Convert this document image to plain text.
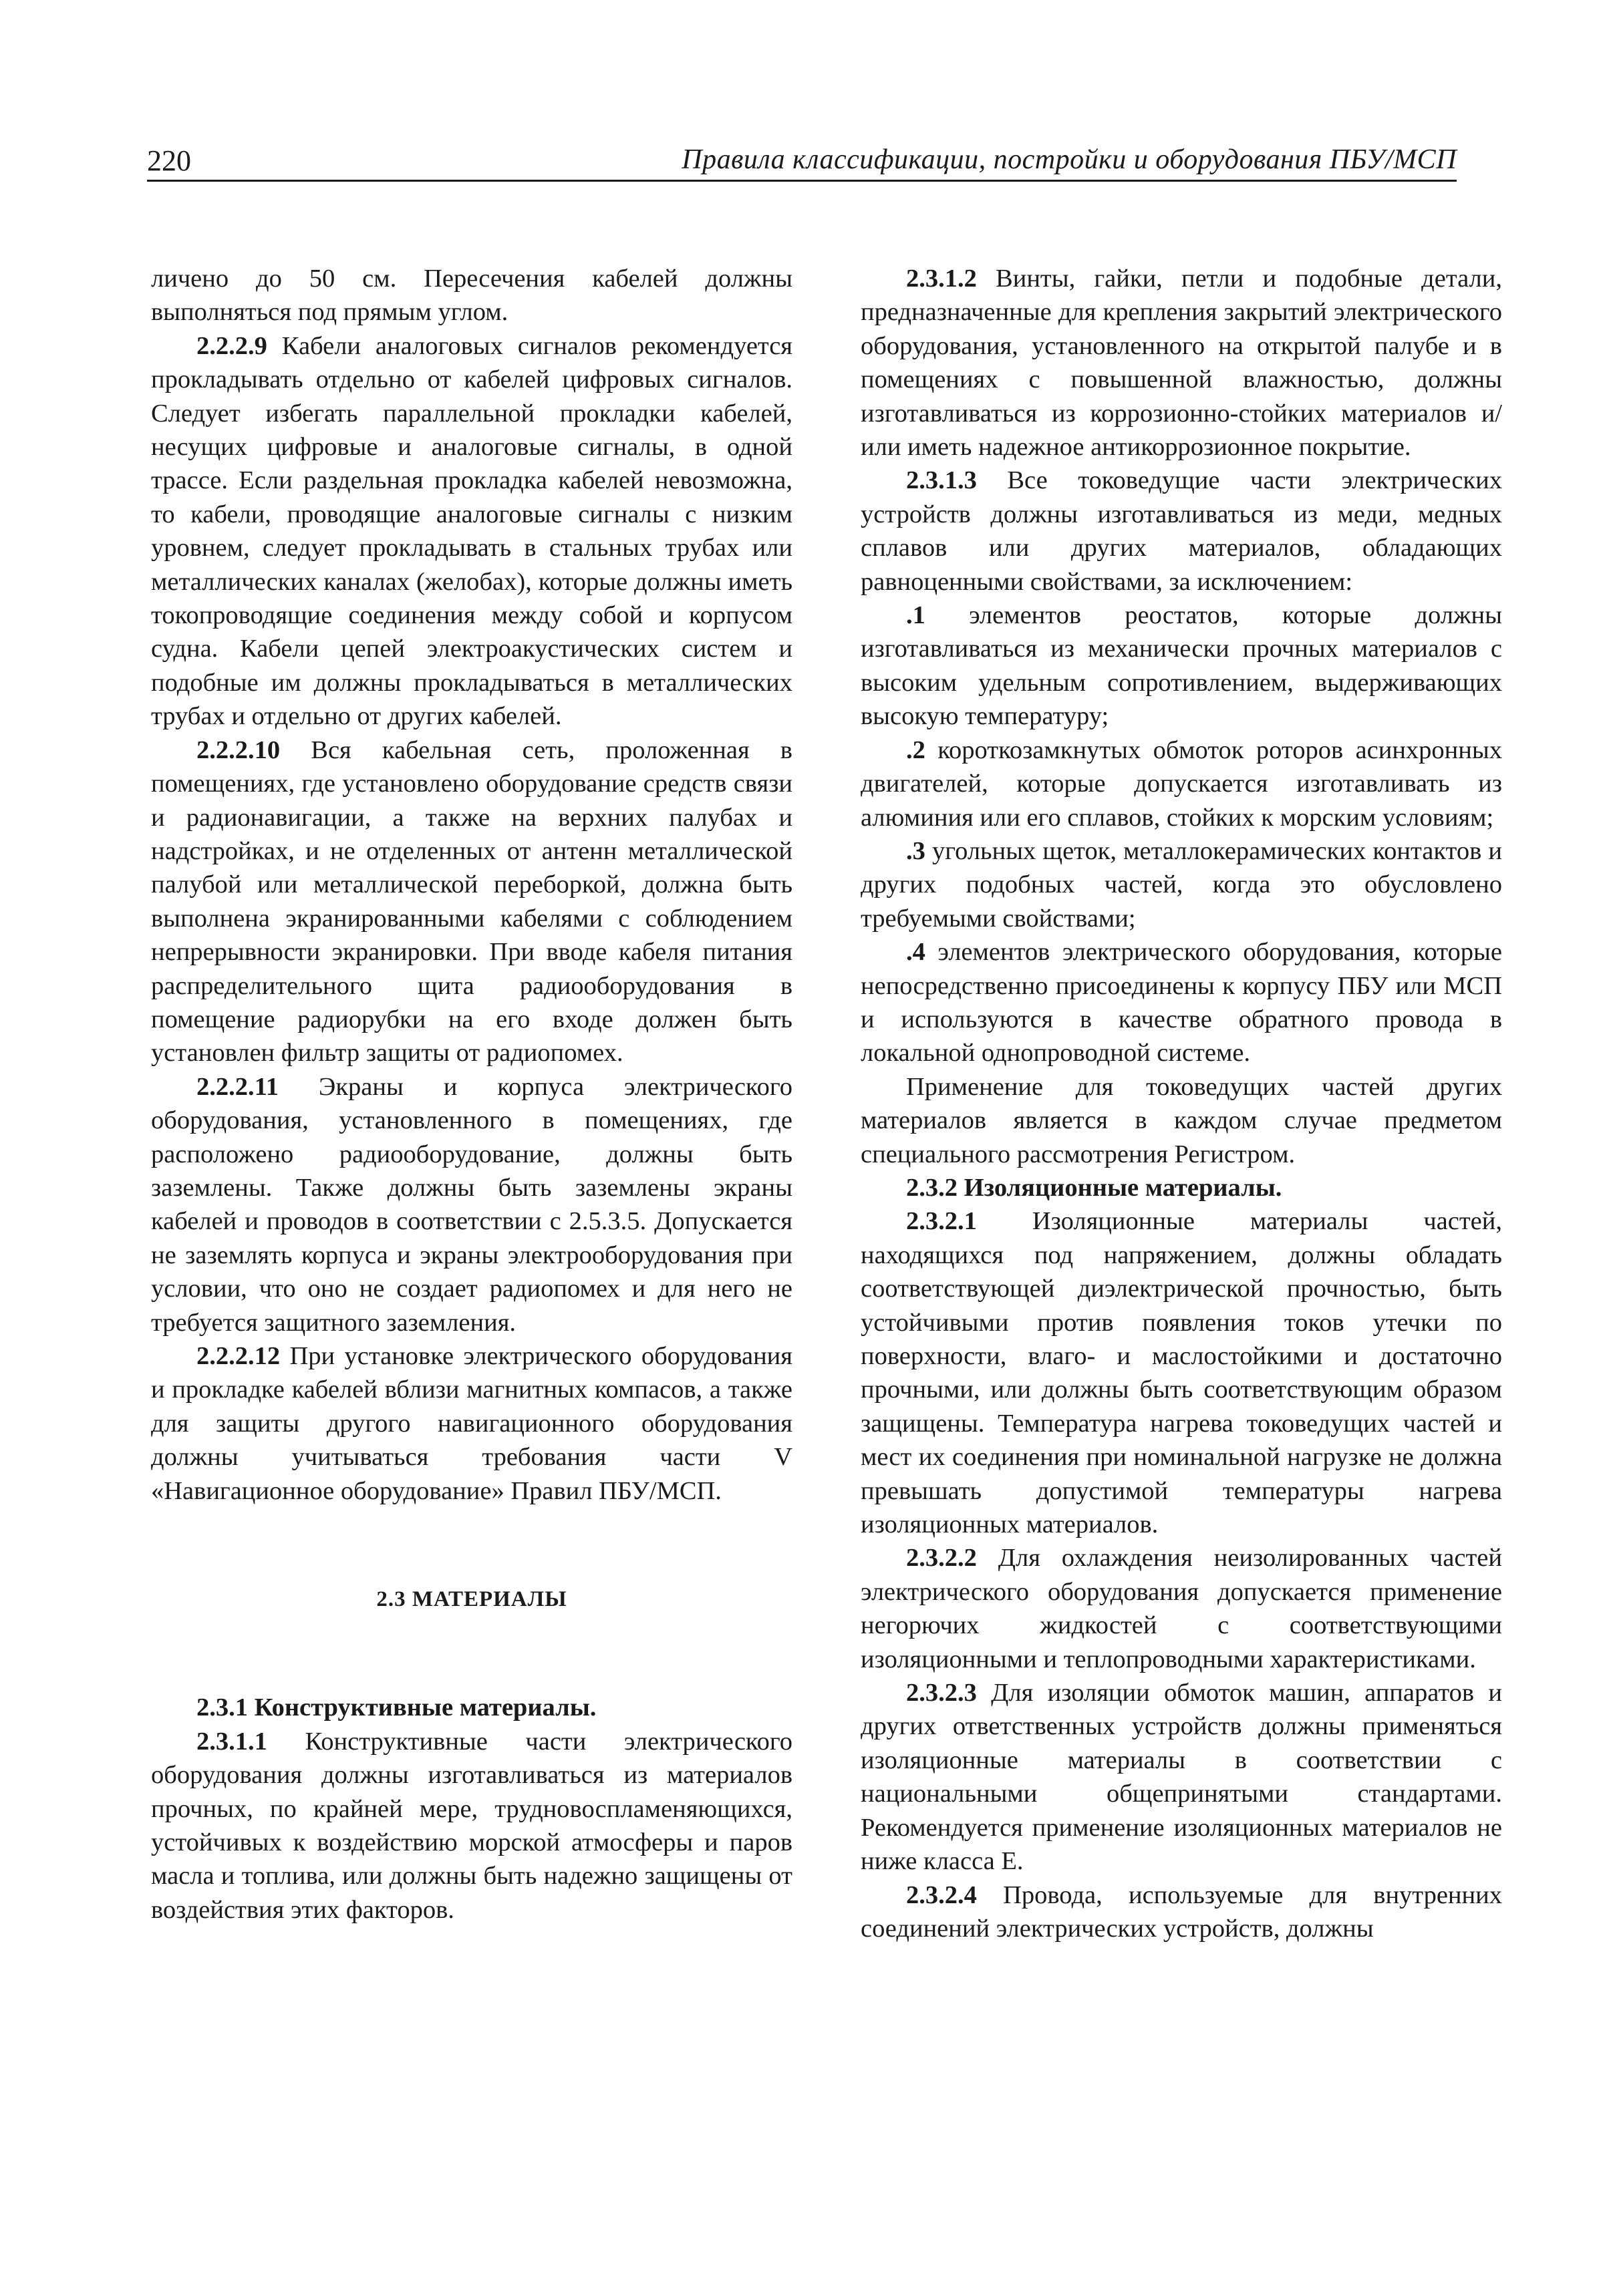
220	Правила классификации, постройки и оборудования ПБУ/МСП

личено до 50 см. Пересечения кабелей должны выполняться под прямым углом.

2.2.2.9 Кабели аналоговых сигналов рекомендуется прокладывать отдельно от кабелей цифровых сигналов. Следует избегать параллельной прокладки кабелей, несущих цифровые и аналоговые сигналы, в одной трассе. Если раздельная прокладка кабелей невозможна, то кабели, проводящие аналоговые сигналы с низким уровнем, следует прокладывать в стальных трубах или металлических каналах (желобах), которые должны иметь токопроводящие соединения между собой и корпусом судна. Кабели цепей электроакустических систем и подобные им должны прокладываться в металлических трубах и отдельно от других кабелей.

2.2.2.10 Вся кабельная сеть, проложенная в помещениях, где установлено оборудование средств связи и радионавигации, а также на верхних палубах и надстройках, и не отделенных от антенн металлической палубой или металлической переборкой, должна быть выполнена экранированными кабелями с соблюдением непрерывности экранировки. При вводе кабеля питания распределительного щита радиооборудования в помещение радиорубки на его входе должен быть установлен фильтр защиты от радиопомех.

2.2.2.11 Экраны и корпуса электрического оборудования, установленного в помещениях, где расположено радиооборудование, должны быть заземлены. Также должны быть заземлены экраны кабелей и проводов в соответствии с 2.5.3.5. Допускается не заземлять корпуса и экраны электрооборудования при условии, что оно не создает радиопомех и для него не требуется защитного заземления.

2.2.2.12 При установке электрического оборудования и прокладке кабелей вблизи магнитных компасов, а также для защиты другого навигационного оборудования должны учитываться требования части V «Навигационное оборудование» Правил ПБУ/МСП.

2.3 МАТЕРИАЛЫ

2.3.1 Конструктивные материалы.

2.3.1.1 Конструктивные части электрического оборудования должны изготавливаться из материалов прочных, по крайней мере, трудновоспламеняющихся, устойчивых к воздействию морской атмосферы и паров масла и топлива, или должны быть надежно защищены от воздействия этих факторов.

2.3.1.2 Винты, гайки, петли и подобные детали, предназначенные для крепления закрытий электрического оборудования, установленного на открытой палубе и в помещениях с повышенной влажностью, должны изготавливаться из коррозионно-стойких материалов и/или иметь надежное антикоррозионное покрытие.

2.3.1.3 Все токоведущие части электрических устройств должны изготавливаться из меди, медных сплавов или других материалов, обладающих равноценными свойствами, за исключением:

.1 элементов реостатов, которые должны изготавливаться из механически прочных материалов с высоким удельным сопротивлением, выдерживающих высокую температуру;

.2 короткозамкнутых обмоток роторов асинхронных двигателей, которые допускается изготавливать из алюминия или его сплавов, стойких к морским условиям;

.3 угольных щеток, металлокерамических контактов и других подобных частей, когда это обусловлено требуемыми свойствами;

.4 элементов электрического оборудования, которые непосредственно присоединены к корпусу ПБУ или МСП и используются в качестве обратного провода в локальной однопроводной системе.

Применение для токоведущих частей других материалов является в каждом случае предметом специального рассмотрения Регистром.

2.3.2 Изоляционные материалы.

2.3.2.1 Изоляционные материалы частей, находящихся под напряжением, должны обладать соответствующей диэлектрической прочностью, быть устойчивыми против появления токов утечки по поверхности, влаго- и маслостойкими и достаточно прочными, или должны быть соответствующим образом защищены. Температура нагрева токоведущих частей и мест их соединения при номинальной нагрузке не должна превышать допустимой температуры нагрева изоляционных материалов.

2.3.2.2 Для охлаждения неизолированных частей электрического оборудования допускается применение негорючих жидкостей с соответствующими изоляционными и теплопроводными характеристиками.

2.3.2.3 Для изоляции обмоток машин, аппаратов и других ответственных устройств должны применяться изоляционные материалы в соответствии с национальными общепринятыми стандартами. Рекомендуется применение изоляционных материалов не ниже класса Е.

2.3.2.4 Провода, используемые для внутренних соединений электрических устройств, должны
